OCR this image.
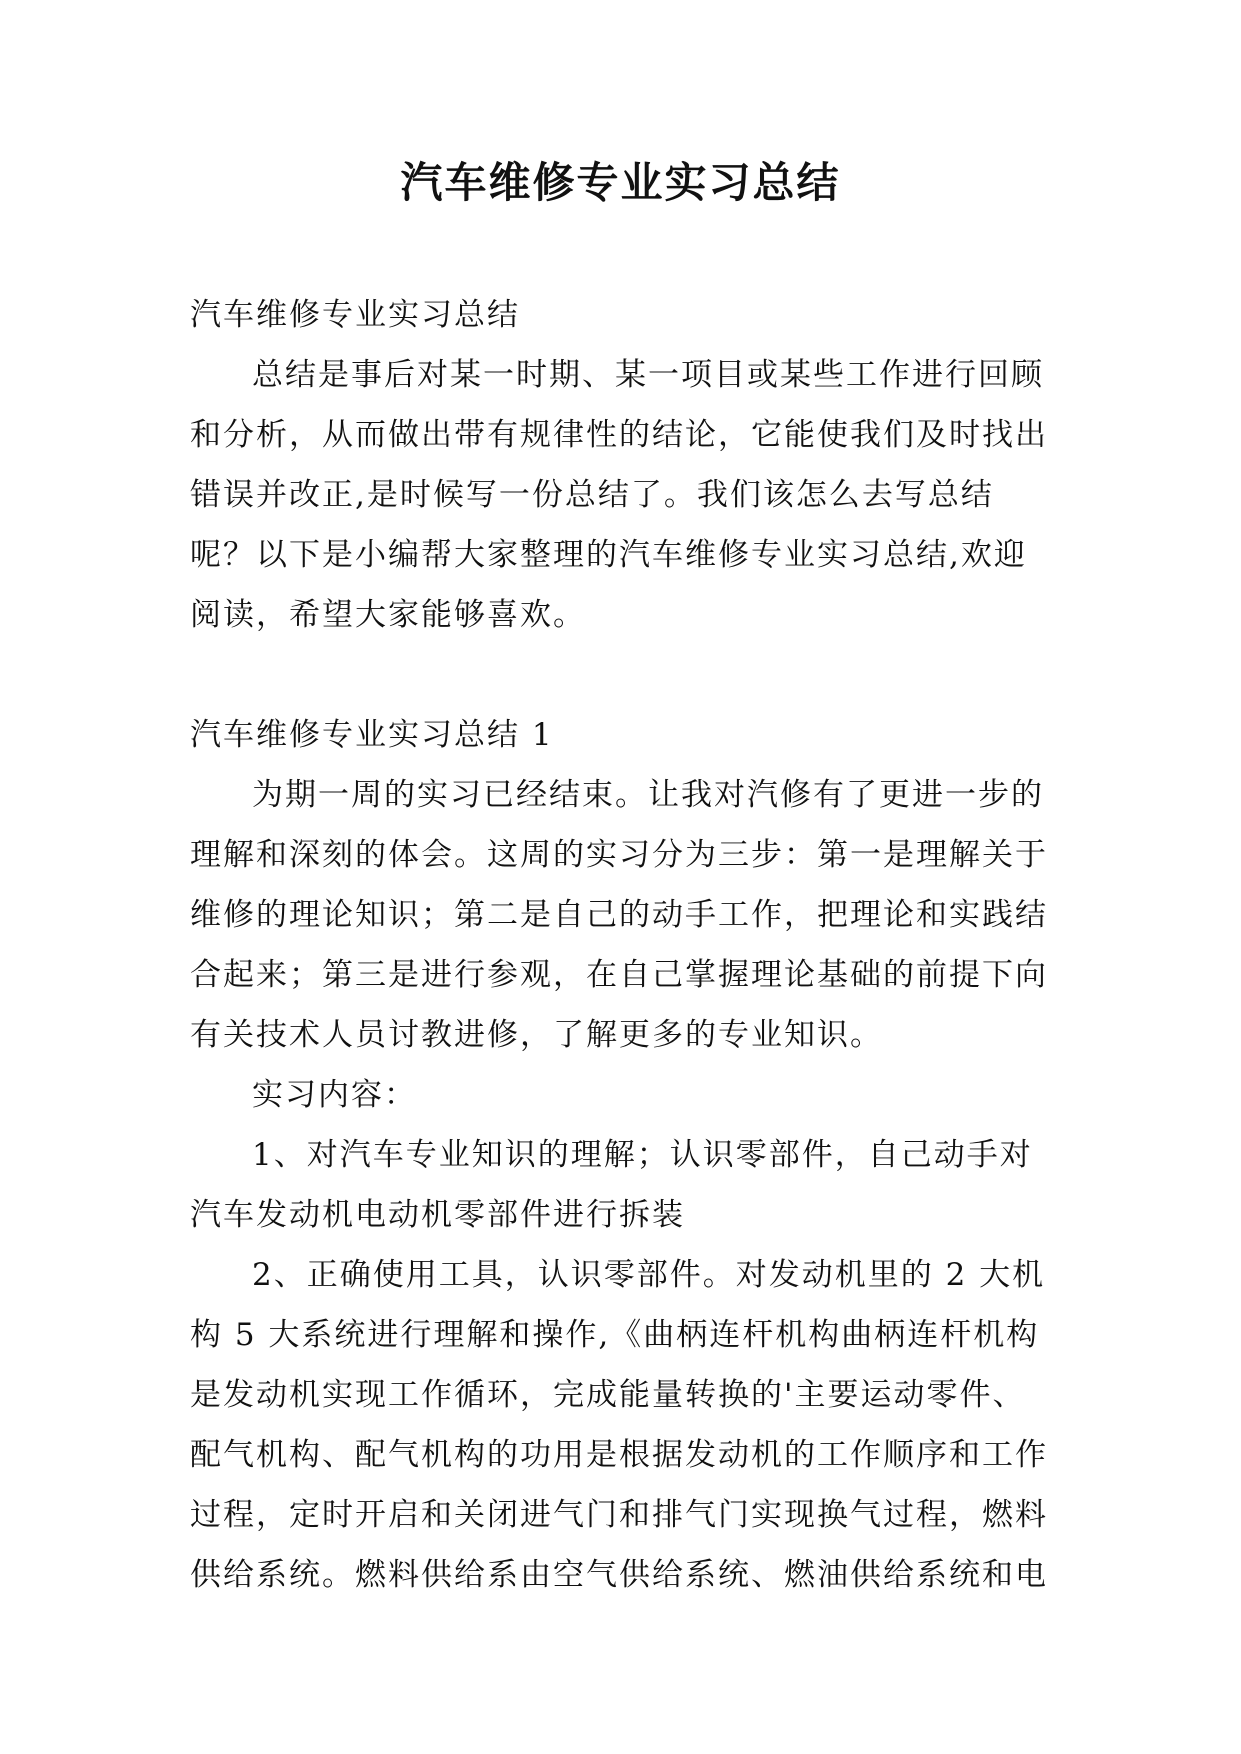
汽车维修专业实习总结

汽车维修专业实习总结

总结是事后对某一时期、某一项目或某些工作进行回顾和分析，从而做出带有规律性的结论，它能使我们及时找出错误并改正,是时候写一份总结了。我们该怎么去写总结呢？以下是小编帮大家整理的汽车维修专业实习总结,欢迎阅读，希望大家能够喜欢。

汽车维修专业实习总结 1

为期一周的实习已经结束。让我对汽修有了更进一步的理解和深刻的体会。这周的实习分为三步：第一是理解关于维修的理论知识；第二是自己的动手工作，把理论和实践结合起来；第三是进行参观，在自己掌握理论基础的前提下向有关技术人员讨教进修，了解更多的专业知识。

实习内容：

1、对汽车专业知识的理解；认识零部件，自己动手对汽车发动机电动机零部件进行拆装

2、正确使用工具，认识零部件。对发动机里的 2 大机构 5 大系统进行理解和操作,《曲柄连杆机构曲柄连杆机构是发动机实现工作循环，完成能量转换的'主要运动零件、配气机构、配气机构的功用是根据发动机的工作顺序和工作过程，定时开启和关闭进气门和排气门实现换气过程，燃料供给系统。燃料供给系由空气供给系统、燃油供给系统和电
